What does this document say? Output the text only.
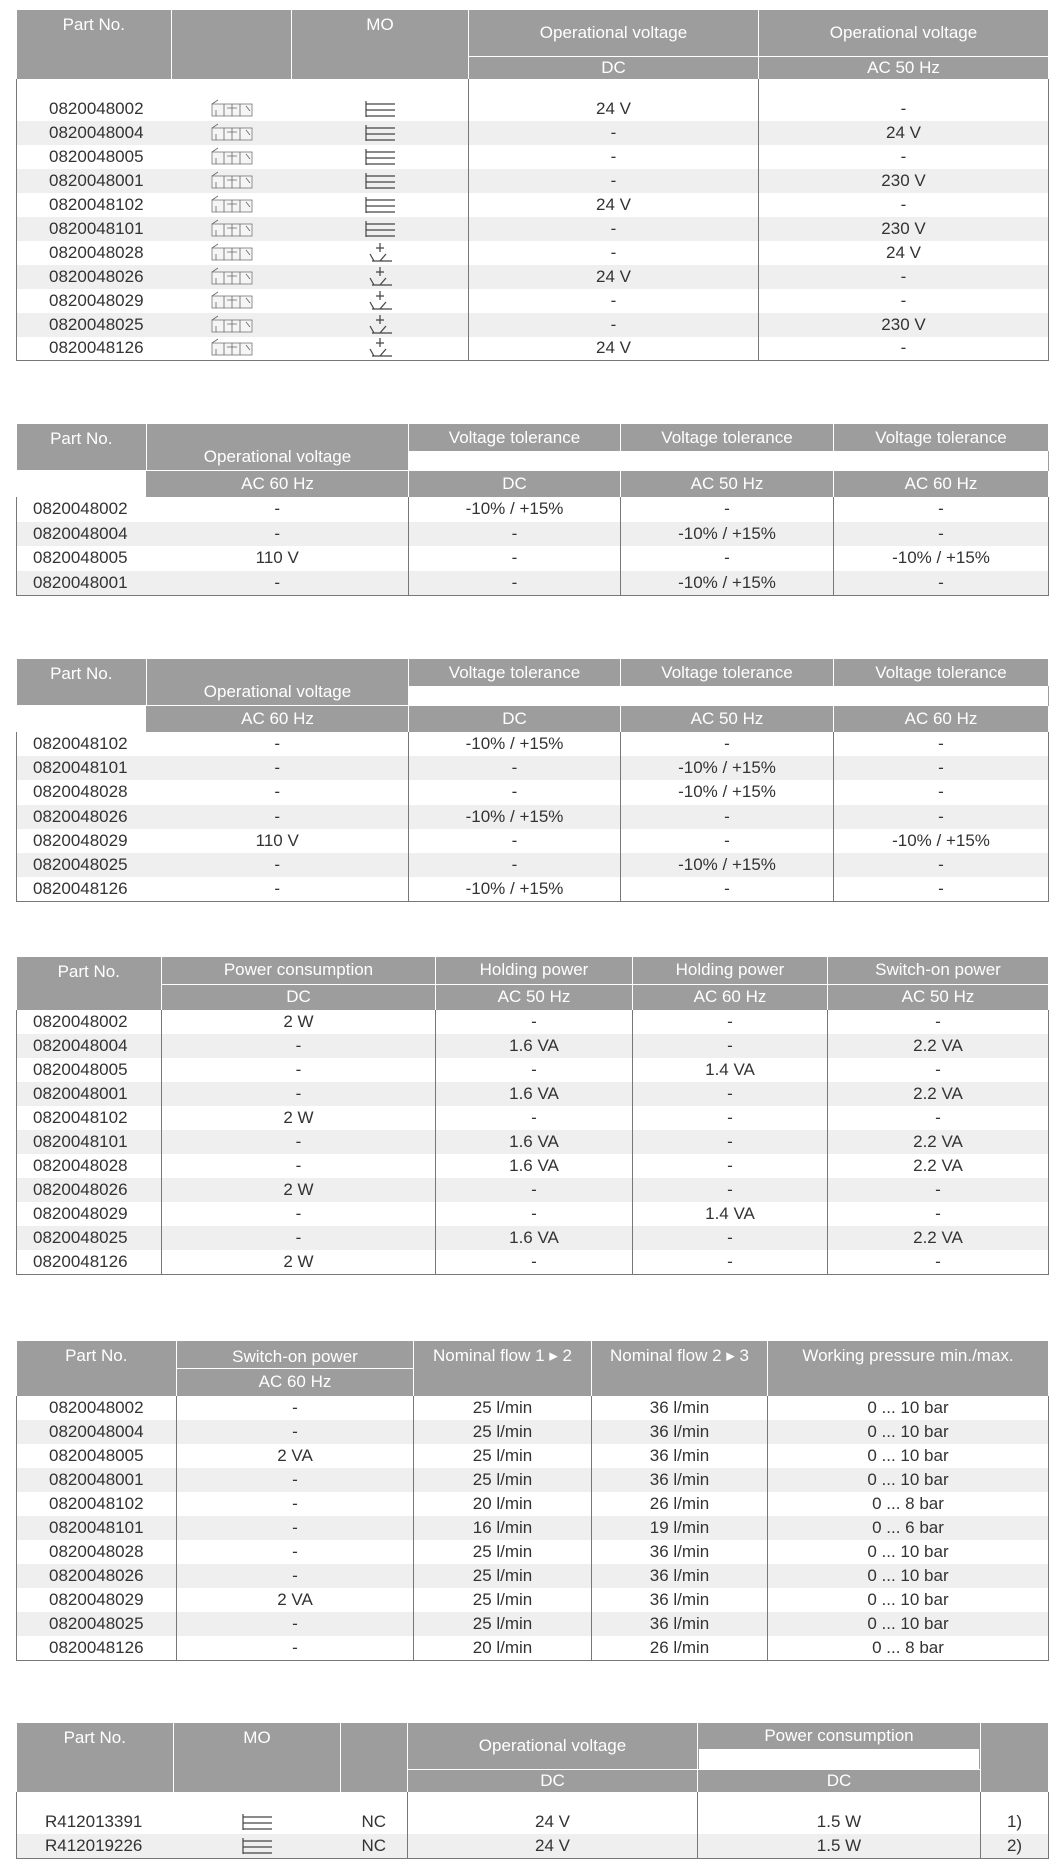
Part No.		MO	Operational voltage	Operational voltage
			DC	AC 50 Hz

0820048002			24 V	-
0820048004			-	24 V
0820048005			-	-
0820048001			-	230 V
0820048102			24 V	-
0820048101			-	230 V
0820048028			-	24 V
0820048026			24 V	-
0820048029			-	-
0820048025			-	230 V
0820048126			24 V	-
Part No.	Operational voltage	Voltage tolerance	Voltage tolerance	Voltage tolerance

	AC 60 Hz	DC	AC 50 Hz	AC 60 Hz
0820048002	-	-10% / +15%	-	-
0820048004	-	-	-10% / +15%	-
0820048005	110 V	-	-	-10% / +15%
0820048001	-	-	-10% / +15%	-
Part No.	Operational voltage	Voltage tolerance	Voltage tolerance	Voltage tolerance

	AC 60 Hz	DC	AC 50 Hz	AC 60 Hz
0820048102	-	-10% / +15%	-	-
0820048101	-	-	-10% / +15%	-
0820048028	-	-	-10% / +15%	-
0820048026	-	-10% / +15%	-	-
0820048029	110 V	-	-	-10% / +15%
0820048025	-	-	-10% / +15%	-
0820048126	-	-10% / +15%	-	-
Part No.	Power consumption	Holding power	Holding power	Switch-on power
	DC	AC 50 Hz	AC 60 Hz	AC 50 Hz
0820048002	2 W	-	-	-
0820048004	-	1.6 VA	-	2.2 VA
0820048005	-	-	1.4 VA	-
0820048001	-	1.6 VA	-	2.2 VA
0820048102	2 W	-	-	-
0820048101	-	1.6 VA	-	2.2 VA
0820048028	-	1.6 VA	-	2.2 VA
0820048026	2 W	-	-	-
0820048029	-	-	1.4 VA	-
0820048025	-	1.6 VA	-	2.2 VA
0820048126	2 W	-	-	-
Part No.	Switch-on power	Nominal flow 1 ▸ 2	Nominal flow 2 ▸ 3	Working pressure min./max.
	AC 60 Hz			
0820048002	-	25 l/min	36 l/min	0 ... 10 bar
0820048004	-	25 l/min	36 l/min	0 ... 10 bar
0820048005	2 VA	25 l/min	36 l/min	0 ... 10 bar
0820048001	-	25 l/min	36 l/min	0 ... 10 bar
0820048102	-	20 l/min	26 l/min	0 ... 8 bar
0820048101	-	16 l/min	19 l/min	0 ... 6 bar
0820048028	-	25 l/min	36 l/min	0 ... 10 bar
0820048026	-	25 l/min	36 l/min	0 ... 10 bar
0820048029	2 VA	25 l/min	36 l/min	0 ... 10 bar
0820048025	-	25 l/min	36 l/min	0 ... 10 bar
0820048126	-	20 l/min	26 l/min	0 ... 8 bar
Part No.	MO		Operational voltage	Power consumption	

			DC	DC	

R412013391		NC	24 V	1.5 W	1)
R412019226		NC	24 V	1.5 W	2)
